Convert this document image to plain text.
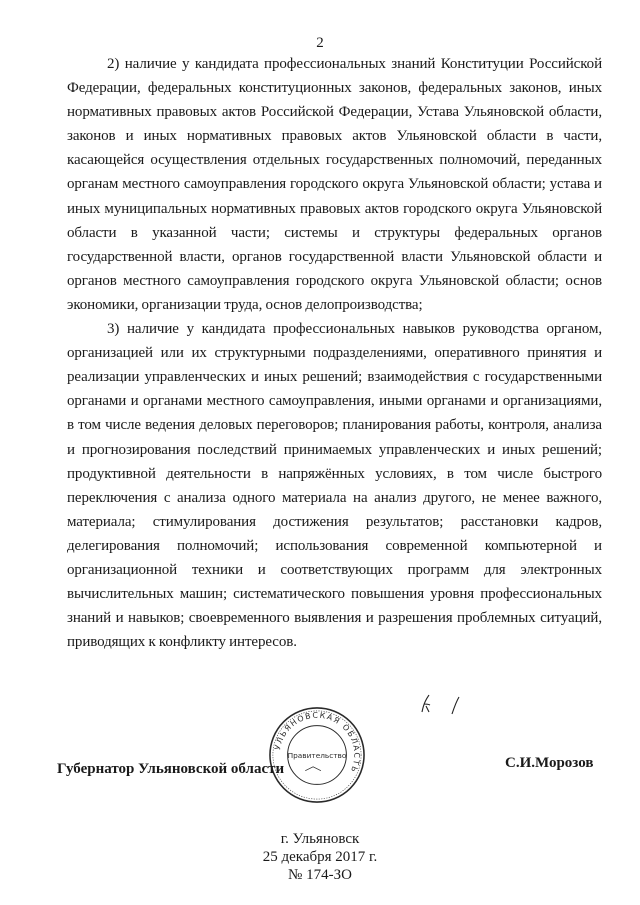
2

2) наличие у кандидата профессиональных знаний Конституции Российской Федерации, федеральных конституционных законов, федеральных законов, иных нормативных правовых актов Российской Федерации, Устава Ульяновской области, законов и иных нормативных правовых актов Ульяновской области в части, касающейся осуществления отдельных государственных полномочий, переданных органам местного самоуправления городского округа Ульяновской области; устава и иных муниципальных нормативных правовых актов городского округа Ульяновской области в указанной части; системы и структуры федеральных органов государственной власти, органов государственной власти Ульяновской области и органов местного самоуправления городского округа Ульяновской области; основ экономики, организации труда, основ делопроизводства;

3) наличие у кандидата профессиональных навыков руководства органом, организацией или их структурными подразделениями, оперативного принятия и реализации управленческих и иных решений; взаимодействия с государственными органами и органами местного самоуправления, иными органами и организациями, в том числе ведения деловых переговоров; планирования работы, контроля, анализа и прогнозирования последствий принимаемых управленческих и иных решений; продуктивной деятельности в напряжённых условиях, в том числе быстрого переключения с анализа одного материала на анализ другого, не менее важного, материала; стимулирования достижения результатов; расстановки кадров, делегирования полномочий; использования современной компьютерной и организационной техники и соответствующих программ для электронных вычислительных машин; систематического повышения уровня профессиональных знаний и навыков; своевременного выявления и разрешения проблемных ситуаций, приводящих к конфликту интересов.

УЛЬЯНОВСКАЯ ОБЛАСТЬ
Правительство
Губернатор Ульяновской области	С.И.Морозов
г. Ульяновск
25 декабря 2017 г.
№ 174-ЗО
